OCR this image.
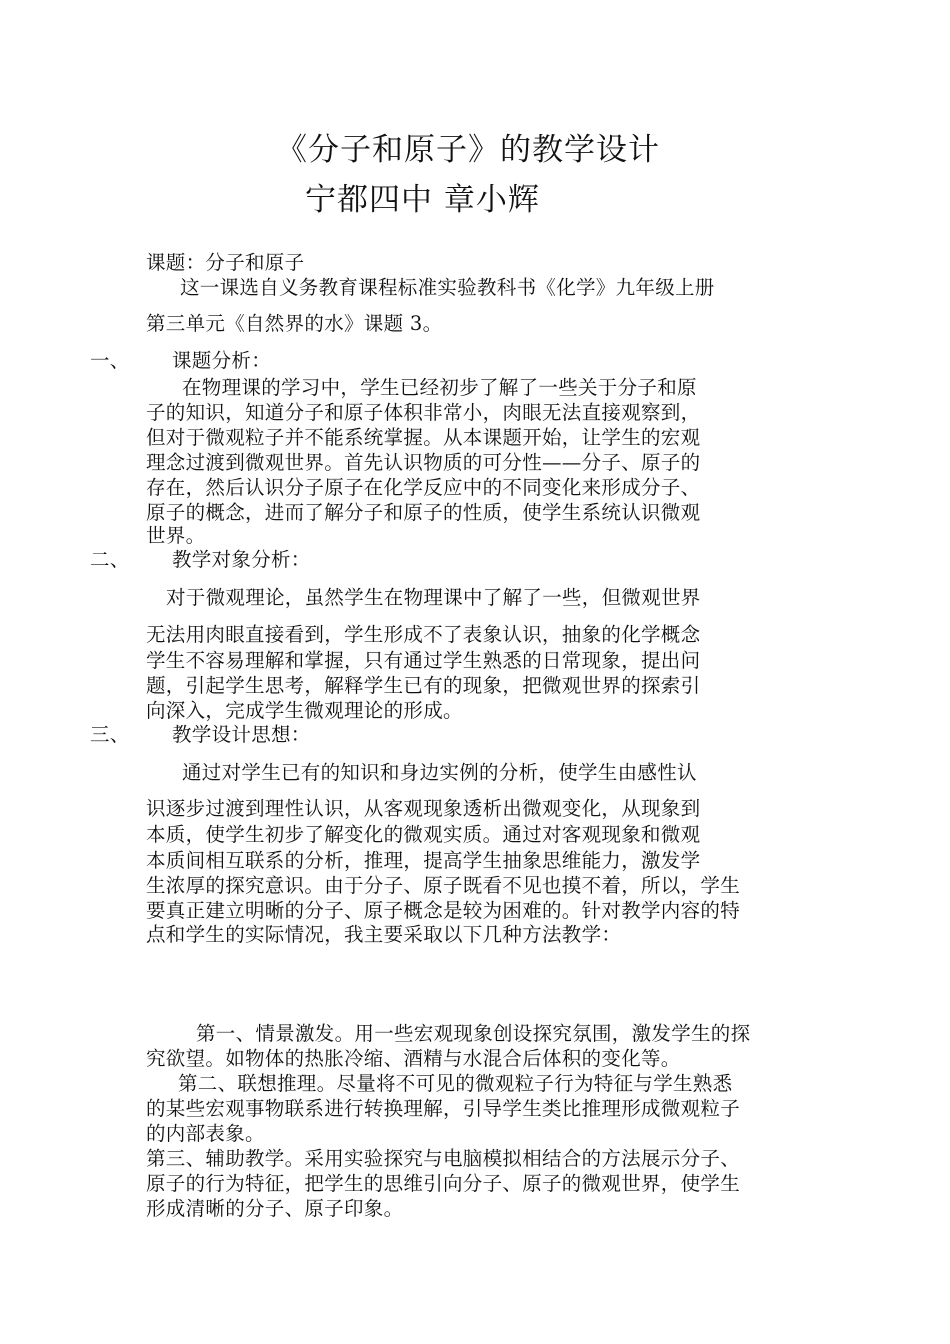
《分子和原子》的教学设计
宁都四中 章小辉
课题：分子和原子
这一课选自义务教育课程标准实验教科书《化学》九年级上册
第三单元《自然界的水》课题 3。
一、 课题分析：
在物理课的学习中，学生已经初步了解了一些关于分子和原
子的知识，知道分子和原子体积非常小，肉眼无法直接观察到，
但对于微观粒子并不能系统掌握。从本课题开始，让学生的宏观
理念过渡到微观世界。首先认识物质的可分性——分子、原子的
存在，然后认识分子原子在化学反应中的不同变化来形成分子、
原子的概念，进而了解分子和原子的性质，使学生系统认识微观
世界。
二、 教学对象分析：
对于微观理论，虽然学生在物理课中了解了一些，但微观世界
无法用肉眼直接看到，学生形成不了表象认识，抽象的化学概念
学生不容易理解和掌握，只有通过学生熟悉的日常现象，提出问
题，引起学生思考，解释学生已有的现象，把微观世界的探索引
向深入，完成学生微观理论的形成。
三、 教学设计思想：
通过对学生已有的知识和身边实例的分析，使学生由感性认
识逐步过渡到理性认识，从客观现象透析出微观变化，从现象到
本质，使学生初步了解变化的微观实质。通过对客观现象和微观
本质间相互联系的分析，推理，提高学生抽象思维能力，激发学
生浓厚的探究意识。由于分子、原子既看不见也摸不着，所以，学生
要真正建立明晰的分子、原子概念是较为困难的。针对教学内容的特
点和学生的实际情况，我主要采取以下几种方法教学：
第一、情景激发。用一些宏观现象创设探究氛围，激发学生的探
究欲望。如物体的热胀冷缩、酒精与水混合后体积的变化等。
第二、联想推理。尽量将不可见的微观粒子行为特征与学生熟悉
的某些宏观事物联系进行转换理解，引导学生类比推理形成微观粒子
的内部表象。
第三、辅助教学。采用实验探究与电脑模拟相结合的方法展示分子、
原子的行为特征，把学生的思维引向分子、原子的微观世界，使学生
形成清晰的分子、原子印象。
